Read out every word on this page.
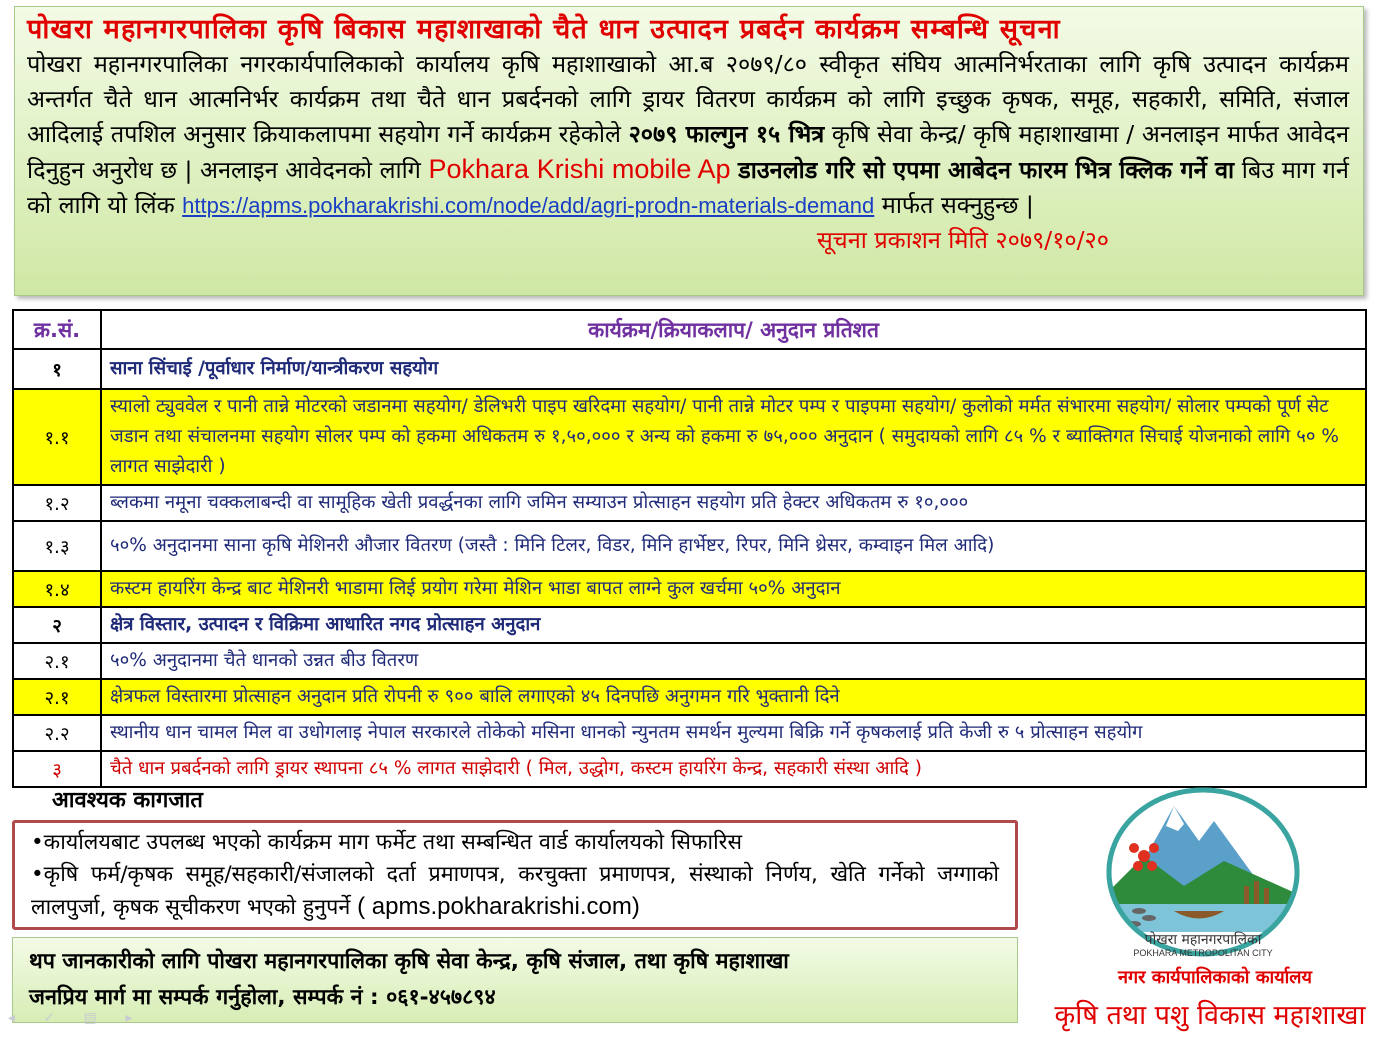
पोखरा महानगरपालिका कृषि बिकास महाशाखाको चैते धान उत्पादन प्रबर्दन कार्यक्रम सम्बन्धि सूचना
पोखरा महानगरपालिका नगरकार्यपालिकाको कार्यालय कृषि महाशाखाको आ.ब २०७९/८० स्वीकृत संघिय आत्मनिर्भरताका लागि कृषि उत्पादन कार्यक्रम अन्तर्गत चैते धान आत्मनिर्भर कार्यक्रम तथा चैते धान प्रबर्दनको लागि ड्रायर वितरण कार्यक्रम को लागि इच्छुक कृषक, समूह, सहकारी, समिति, संजाल आदिलाई तपशिल अनुसार क्रियाकलापमा सहयोग गर्ने कार्यक्रम रहेकोले २०७९ फाल्गुन १५ भित्र कृषि सेवा केन्द्र/ कृषि महाशाखामा / अनलाइन मार्फत आवेदन दिनुहुन अनुरोध छ | अनलाइन आवेदनको लागि Pokhara Krishi mobile Ap डाउनलोड गरि सो एपमा आबेदन फारम भित्र क्लिक गर्ने वा बिउ माग गर्न को लागि यो लिंक https://apms.pokharakrishi.com/node/add/agri-prodn-materials-demand मार्फत सक्नुहुन्छ |
सूचना प्रकाशन मिति २०७९/१०/२०
क्र.सं.	कार्यक्रम/क्रियाकलाप/ अनुदान प्रतिशत
१	साना सिंचाई /पूर्वाधार निर्माण/यान्त्रीकरण सहयोग
१.१	स्यालो ट्युववेल र पानी तान्ने मोटरको जडानमा सहयोग/ डेलिभरी पाइप खरिदमा सहयोग/ पानी तान्ने मोटर पम्प र पाइपमा सहयोग/ कुलोको मर्मत संभारमा सहयोग/ सोलार पम्पको पूर्ण सेट जडान तथा संचालनमा सहयोग सोलर पम्प को हकमा अधिकतम रु १,५०,००० र अन्य को हकमा रु ७५,००० अनुदान ( समुदायको लागि ८५ % र ब्याक्तिगत सिचाई योजनाको लागि ५० % लागत साझेदारी )
१.२	ब्लकमा नमूना चक्कलाबन्दी वा सामूहिक खेती प्रवर्द्धनका लागि जमिन सम्याउन प्रोत्साहन सहयोग प्रति हेक्टर अधिकतम रु १०,०००
१.३	५०% अनुदानमा साना कृषि मेशिनरी औजार वितरण (जस्तै : मिनि टिलर, विडर, मिनि हार्भेष्टर, रिपर, मिनि थ्रेसर, कम्वाइन मिल आदि)
१.४	कस्टम हायरिंग केन्द्र बाट मेशिनरी भाडामा लिई प्रयोग गरेमा मेशिन भाडा बापत लाग्ने कुल खर्चमा ५०% अनुदान
२	क्षेत्र विस्तार, उत्पादन र विक्रिमा आधारित नगद प्रोत्साहन अनुदान
२.१	५०% अनुदानमा चैते धानको उन्नत बीउ वितरण
२.१	क्षेत्रफल विस्तारमा प्रोत्साहन अनुदान प्रति रोपनी रु ९०० बालि लगाएको ४५ दिनपछि अनुगमन गरि भुक्तानी दिने
२.२	स्थानीय धान चामल मिल वा उधोगलाइ नेपाल सरकारले तोकेको मसिना धानको न्युनतम समर्थन मुल्यमा बिक्रि गर्ने कृषकलाई प्रति केजी रु ५ प्रोत्साहन सहयोग
३	चैते धान प्रबर्दनको लागि ड्रायर स्थापना ८५ % लागत साझेदारी ( मिल, उद्धोग, कस्टम हायरिंग केन्द्र, सहकारी संस्था आदि )
आवश्यक कागजात
•कार्यालयबाट उपलब्ध भएको कार्यक्रम माग फर्मेट तथा सम्बन्धित वार्ड कार्यालयको सिफारिस
•कृषि फर्म/कृषक समूह/सहकारी/संजालको दर्ता प्रमाणपत्र, करचुक्ता प्रमाणपत्र, संस्थाको निर्णय, खेति गर्नेको जग्गाको लालपुर्जा, कृषक सूचीकरण भएको हुनुपर्ने ( apms.pokharakrishi.com)
थप जानकारीको लागि पोखरा महानगरपालिका कृषि सेवा केन्द्र, कृषि संजाल, तथा कृषि महाशाखा
जनप्रिय मार्ग मा सम्पर्क गर्नुहोला, सम्पर्क नं : ०६१-४५७८९४
पोखरा महानगरपालिका
POKHARA METROPOLITAN CITY
नगर कार्यपालिकाको कार्यालय
कृषि तथा पशु विकास महाशाखा
◂ ✓ ▤ ▸
